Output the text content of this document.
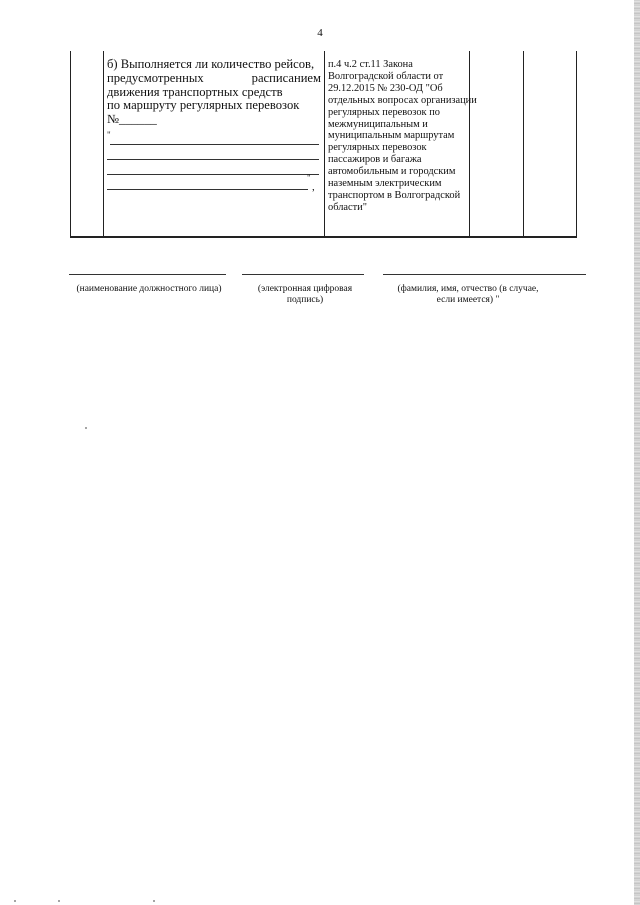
4
б) Выполняется ли количество рейсов,
предусмотренных расписанием
движения транспортных средств
по маршруту регулярных перевозок
№______
"
"
,
п.4 ч.2 ст.11 Закона Волгоградской области от 29.12.2015 № 230-ОД "Об отдельных вопросах организации регулярных перевозок по межмуниципальным и муниципальным маршрутам регулярных перевозок пассажиров и багажа автомобильным и городским наземным электрическим транспортом в Волгоградской области"
(наименование должностного лица)	(электронная цифровая подпись)
(фамилия, имя, отчество (в случае, если имеется) "
